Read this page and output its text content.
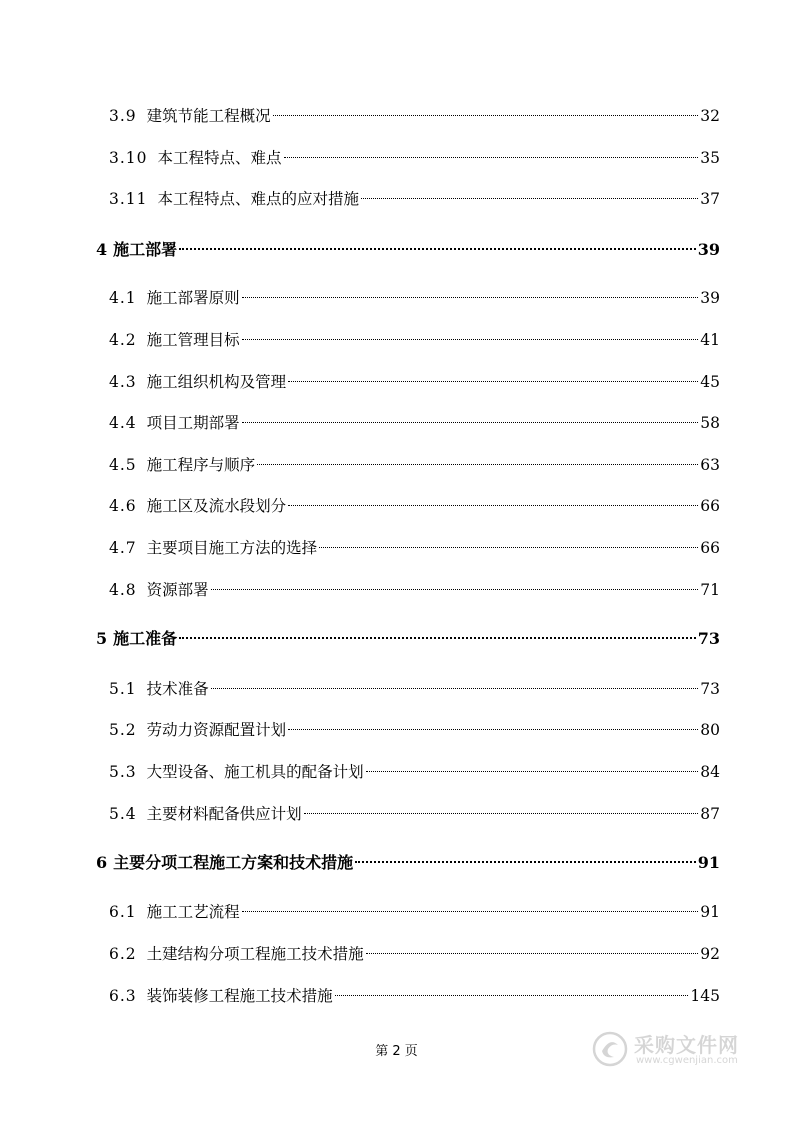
3.9 建筑节能工程概况	32
3.10 本工程特点、难点	35
3.11 本工程特点、难点的应对措施	37
4 施工部署	39
4.1 施工部署原则	39
4.2 施工管理目标	41
4.3 施工组织机构及管理	45
4.4 项目工期部署	58
4.5 施工程序与顺序	63
4.6 施工区及流水段划分	66
4.7 主要项目施工方法的选择	66
4.8 资源部署	71
5 施工准备	73
5.1 技术准备	73
5.2 劳动力资源配置计划	80
5.3 大型设备、施工机具的配备计划	84
5.4 主要材料配备供应计划	87
6 主要分项工程施工方案和技术措施	91
6.1 施工工艺流程	91
6.2 土建结构分项工程施工技术措施	92
6.3 装饰装修工程施工技术措施	145
第 2 页	采购文件网
www.cgwenjian.com
